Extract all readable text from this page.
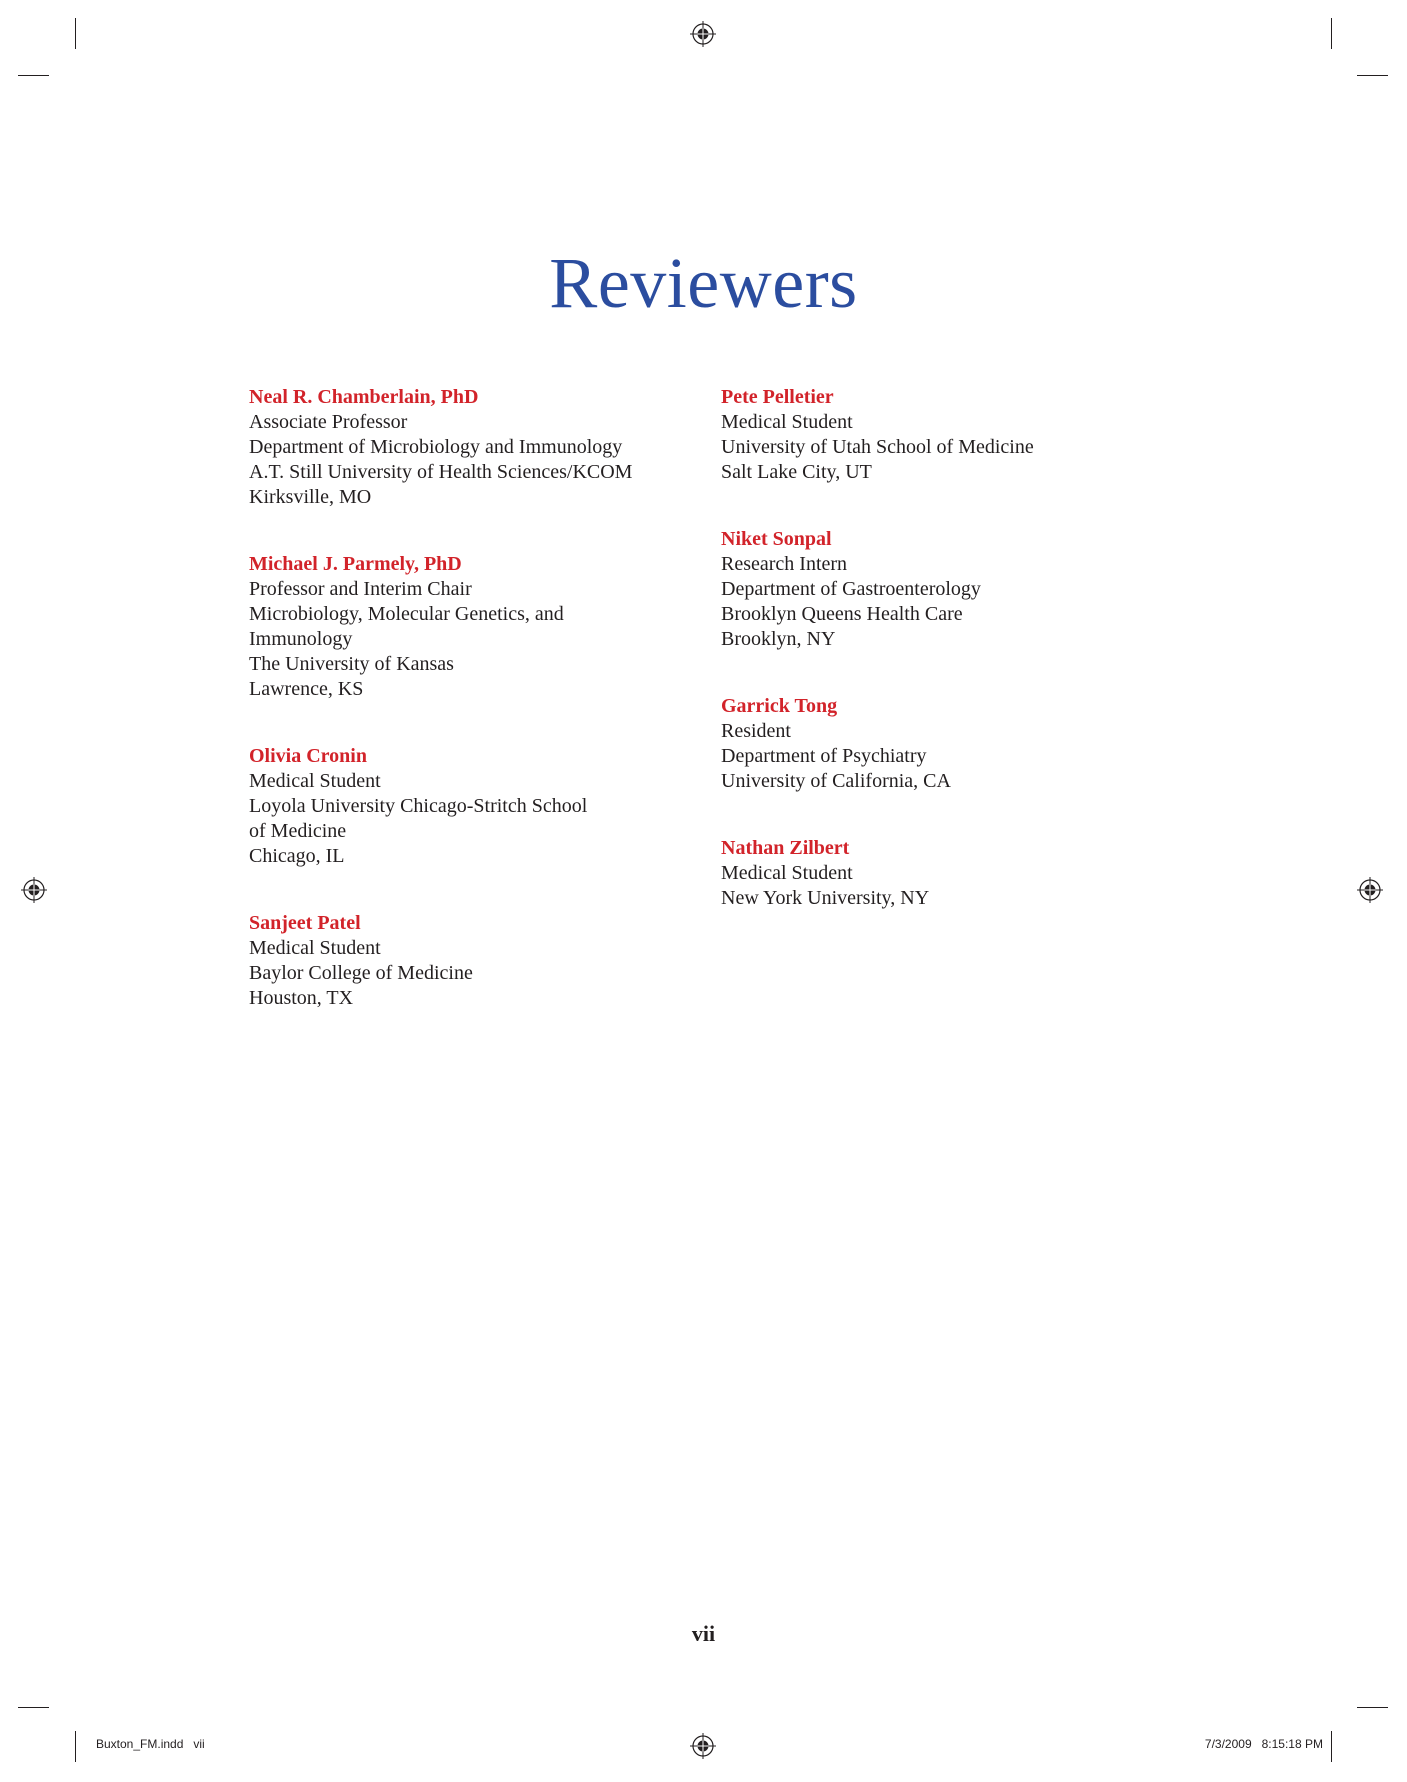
Reviewers
Neal R. Chamberlain, PhD
Associate Professor
Department of Microbiology and Immunology
A.T. Still University of Health Sciences/KCOM
Kirksville, MO
Michael J. Parmely, PhD
Professor and Interim Chair
Microbiology, Molecular Genetics, and
Immunology
The University of Kansas
Lawrence, KS
Olivia Cronin
Medical Student
Loyola University Chicago-Stritch School
of Medicine
Chicago, IL
Sanjeet Patel
Medical Student
Baylor College of Medicine
Houston, TX
Pete Pelletier
Medical Student
University of Utah School of Medicine
Salt Lake City, UT
Niket Sonpal
Research Intern
Department of Gastroenterology
Brooklyn Queens Health Care
Brooklyn, NY
Garrick Tong
Resident
Department of Psychiatry
University of California, CA
Nathan Zilbert
Medical Student
New York University, NY
vii
Buxton_FM.indd   vii	7/3/2009   8:15:18 PM
